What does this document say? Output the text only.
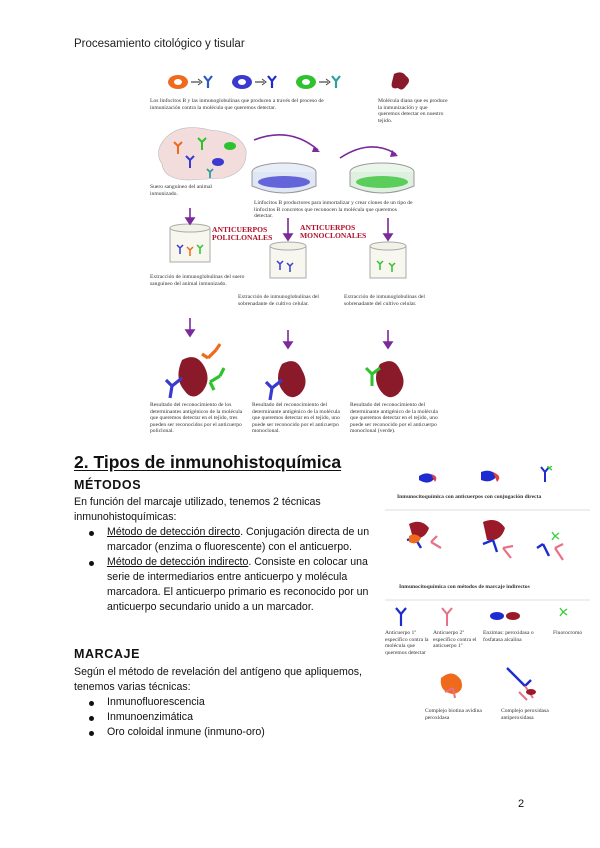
Procesamiento citológico y tisular
Los linfocitos B y las inmunoglobulinas que producen a través del proceso de inmunización contra la molécula que queremos detectar.
Molécula diana que es produce la inmunización y que queremos detectar en nuestro tejido.
Suero sanguíneo del animal inmunizado.
Linfocitos B productores para inmortalizar y crear clones de un tipo de linfocitos B concretos que reconocen la molécula que queremos detectar.
ANTICUERPOS POLICLONALES
ANTICUERPOS MONOCLONALES
Extracción de inmunoglobulinas del suero sanguíneo del animal inmunizado.
Extracción de inmunoglobulinas del sobrenadante de cultivo celular.
Extracción de inmunoglobulinas del sobrenadante del cultivo celular.
Resultado del reconocimiento de los determinantes antigénicos de la molécula que queremos detectar en el tejido, tres pueden ser reconocidos por el anticuerpo policlonal.
Resultado del reconocimiento del determinante antigénico de la molécula que queremos detectar en el tejido, uno puede ser reconocido por el anticuerpo monoclonal.
Resultado del reconocimiento del determinante antigénico de la molécula que queremos detectar en el tejido, uno puede ser reconocido por el anticuerpo monoclonal (verde).
2. Tipos de inmunohistoquímica
MÉTODOS

En función del marcaje utilizado, tenemos 2 técnicas inmunohistoquímicas:

Método de detección directo. Conjugación directa de un marcador (enzima o fluorescente) con el anticuerpo.
Método de detección indirecto. Consiste en colocar una serie de intermediarios entre anticuerpo y molécula marcadora. El anticuerpo primario es reconocido por un anticuerpo secundario unido a un marcador.
MARCAJE

Según el método de revelación del antígeno que apliquemos, tenemos varias técnicas:

Inmunofluorescencia
Inmunoenzimática
Oro coloidal inmune (inmuno-oro)
Inmunocitoquímica con anticuerpos con conjugación directa
Inmunocitoquímica con métodos de marcaje indirectos
Anticuerpo 1º específico contra la molécula que queremos detectar
Anticuerpo 2º específico contra el anticuerpo 1º
Enzimas: peroxidasa o fosfatasa alcalina
Fluorocromo
Complejo biotina avidina peroxidasa
Complejo peroxidasa antiperoxidasa
2
